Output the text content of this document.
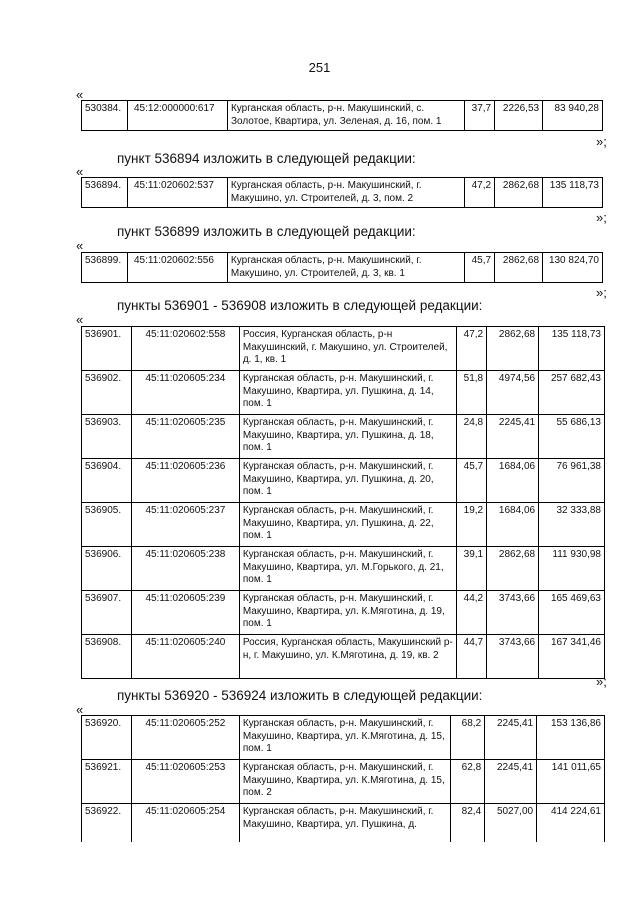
251
«
530384.	45:12:000000:617	Курганская область, р-н. Макушинский, с. Золотое, Квартира, ул. Зеленая, д. 16, пом. 1	37,7	2226,53	83 940,28
»;
пункт 536894 изложить в следующей редакции:
«
536894.	45:11:020602:537	Курганская область, р-н. Макушинский, г. Макушино, ул. Строителей, д. 3, пом. 2	47,2	2862,68	135 118,73
»;
пункт 536899 изложить в следующей редакции:
«
536899.	45:11:020602:556	Курганская область, р-н. Макушинский, г. Макушино, ул. Строителей, д. 3, кв. 1	45,7	2862,68	130 824,70
»;
пункты 536901 - 536908 изложить в следующей редакции:
«
536901.	45:11:020602:558	Россия, Курганская область, р-н Макушинский, г. Макушино, ул. Строителей, д. 1, кв. 1	47,2	2862,68	135 118,73
536902.	45:11:020605:234	Курганская область, р-н. Макушинский, г. Макушино, Квартира, ул. Пушкина, д. 14, пом. 1	51,8	4974,56	257 682,43
536903.	45:11:020605:235	Курганская область, р-н. Макушинский, г. Макушино, Квартира, ул. Пушкина, д. 18, пом. 1	24,8	2245,41	55 686,13
536904.	45:11:020605:236	Курганская область, р-н. Макушинский, г. Макушино, Квартира, ул. Пушкина, д. 20, пом. 1	45,7	1684,06	76 961,38
536905.	45:11:020605:237	Курганская область, р-н. Макушинский, г. Макушино, Квартира, ул. Пушкина, д. 22, пом. 1	19,2	1684,06	32 333,88
536906.	45:11:020605:238	Курганская область, р-н. Макушинский, г. Макушино, Квартира, ул. М.Горького, д. 21, пом. 1	39,1	2862,68	111 930,98
536907.	45:11:020605:239	Курганская область, р-н. Макушинский, г. Макушино, Квартира, ул. К.Мяготина, д. 19, пом. 1	44,2	3743,66	165 469,63
536908.	45:11:020605:240	Россия, Курганская область, Макушинский р-н, г. Макушино, ул. К.Мяготина, д. 19, кв. 2	44,7	3743,66	167 341,46
»;
пункты 536920 - 536924 изложить в следующей редакции:
«
536920.	45:11:020605:252	Курганская область, р-н. Макушинский, г. Макушино, Квартира, ул. К.Мяготина, д. 15, пом. 1	68,2	2245,41	153 136,86
536921.	45:11:020605:253	Курганская область, р-н. Макушинский, г. Макушино, Квартира, ул. К.Мяготина, д. 15, пом. 2	62,8	2245,41	141 011,65
536922.	45:11:020605:254	Курганская область, р-н. Макушинский, г. Макушино, Квартира, ул. Пушкина, д.	82,4	5027,00	414 224,61
